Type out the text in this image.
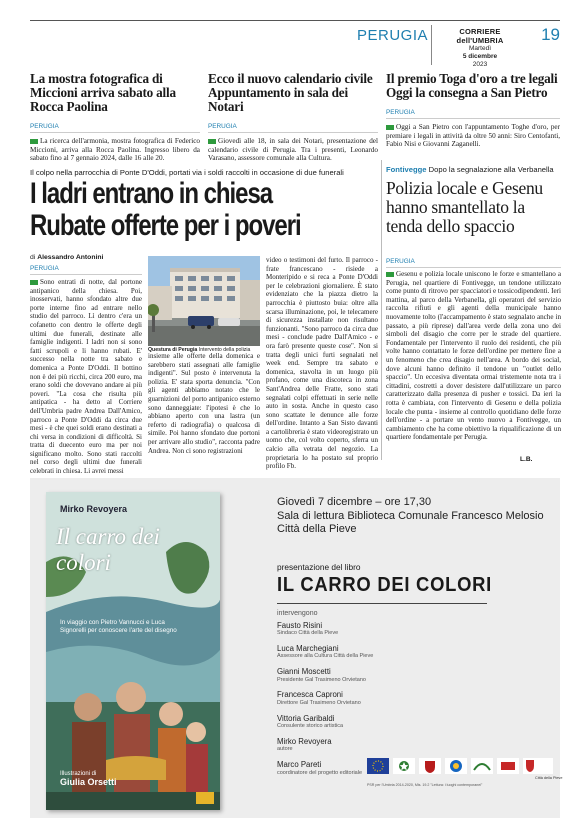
PERUGIA	CORRIERE dell'UMBRIA
Martedì
5 dicembre
2023
19
La mostra fotografica di Miccioni arriva sabato alla Rocca Paolina
PERUGIA

La ricerca dell'armonia, mostra fotografica di Federico Miccioni, arriva alla Rocca Paolina. Ingresso libero da sabato fino al 7 gennaio 2024, dalle 16 alle 20.

Ecco il nuovo calendario civile Appuntamento in sala dei Notari
PERUGIA

Giovedì alle 18, in sala dei Notari, presentazione del calendario civile di Perugia. Tra i presenti, Leonardo Varasano, assessore comunale alla Cultura.

Il premio Toga d'oro a tre legali Oggi la consegna a San Pietro
PERUGIA

Oggi a San Pietro con l'appuntamento Toghe d'oro, per premiare i legali in attività da oltre 50 anni: Siro Centofanti, Fabio Nisi e Giovanni Zaganelli.

Il colpo nella parrocchia di Ponte D'Oddi, portati via i soldi raccolti in occasione di due funerali
I ladri entrano in chiesa
Rubate offerte per i poveri
di Alessandro Antonini
PERUGIA

Sono entrati di notte, dal portone antipanico della chiesa. Poi, inosservati, hanno sfondato altre due porte interne fino ad entrare nello studio del parroco. Lì dentro c'era un cofanetto con dentro le offerte degli ultimi due funerali, destinate alle famiglie indigenti. I ladri non si sono fatti scrupoli e li hanno rubati. E' successo nella notte tra sabato e domenica a Ponte D'Oddi. Il bottino non è dei più ricchi, circa 200 euro, ma erano soldi che dovevano andare ai più poveri. "La cosa che risulta più antipatica - ha detto al Corriere dell'Umbria padre Andrea Dall'Amico, parroco a Ponte D'Oddi da circa due mesi - è che quei soldi erano destinati a chi versa in condizioni di difficoltà. Si tratta di duecento euro ma per noi significano molto. Sono stati raccolti nel corso degli ultimi due funerali celebrati in chiesa. Li avrei messi

Questura di Perugia Intervento della polizia

insieme alle offerte della domenica e sarebbero stati assegnati alle famiglie indigenti". Sul posto è intervenuta la polizia. E' stata sporta denuncia. "Con gli agenti abbiamo notato che le guarnizioni del porto antipanico esterno sono danneggiate: l'ipotesi è che lo abbiano aperto con una lastra (un referto di radiografia) o qualcosa di simile. Poi hanno sfondato due portoni per arrivare allo studio", racconta padre Andrea. Non ci sono registrazioni

video o testimoni del furto. Il parroco - frate francescano - risiede a Monteripido e si reca a Ponte D'Oddi per le celebrazioni giornaliere. È stato evidenziato che la piazza dietro la parrocchia è piuttosto buia: oltre alla scarsa illuminazione, poi, le telecamere di sicurezza installate non risultano funzionanti. "Sono parroco da circa due mesi - conclude padre Dall'Amico - e ora farò presente queste cose". Non si tratta degli unici furti segnalati nel week end. Sempre tra sabato e domenica, stavolta in un luogo più profano, come una discoteca in zona Sant'Andrea delle Fratte, sono stati segnalati colpi effettuati in serie nelle auto in sosta. Anche in questo caso sono scattate le denunce alle forze dell'ordine. Intanto a San Sisto davanti a cartolibreria è stato videoregistrato un uomo che, col volto coperto, sferra un calcio alla vetrata del negozio. La proprietaria lo ha postato sul proprio profilo Fb.

Fontivegge Dopo la segnalazione alla Verbanella
Polizia locale e Gesenu hanno smantellato la tenda dello spaccio
PERUGIA

Gesenu e polizia locale uniscono le forze e smantellano a Perugia, nel quartiere di Fontivegge, un tendone utilizzato come punto di ritrovo per spacciatori e tossicodipendenti. Ieri mattina, al parco della Verbanella, gli operatori del servizio raccolta rifiuti e gli agenti della municipale hanno nuovamente tolto (l'accampamento è stato segnalato anche in passato, a più riprese) dall'area verde della zona uno dei simboli del disagio che corre per le strade del quartiere. Fondamentale per l'intervento il ruolo dei residenti, che più volte hanno contattato le forze dell'ordine per mettere fine a un fenomeno che crea disagio nell'area. A bordo dei social, dove alcuni hanno definito il tendone un "outlet dello spaccio". Un eccesiva diventata ormai tristemente nota tra i cittadini, costretti a dover desistere dall'utilizzare un parco caratterizzato dalla presenza di pusher e tossici. Da ieri la rotta è cambiata, con l'intervento di Gesenu e della polizia locale che punta - insieme al controllo quotidiano delle forze dell'ordine - a portare un vento nuovo a Fontivegge, un cambiamento che ha come obiettivo la riqualificazione di un quartiere fondamentale per Perugia.

L.B.
Mirko Revoyera
Il carro dei colori
In viaggio con Pietro Vannucci e Luca Signorelli per conoscere l'arte del disegno
Illustrazioni di
Giulia Orsetti
Giovedì 7 dicembre – ore 17,30
Sala di lettura Biblioteca Comunale Francesco Melosio
Città della Pieve
presentazione del libro
IL CARRO DEI COLORI
intervengono
Fausto Risini
Sindaco Città della Pieve
Luca Marchegiani
Assessore alla Cultura Città della Pieve
Gianni Moscetti
Presidente Gal Trasimeno Orvietano
Francesca Caproni
Direttore Gal Trasimeno Orvietano
Vittoria Garibaldi
Consulente storico artistica
Mirko Revoyera
autore
Marco Pareti
coordinatore del progetto editoriale
PSR per l'Umbria 2014-2020, Mis. 19.2 "Lettura: i luoghi contemporanei"
Città della Pieve
